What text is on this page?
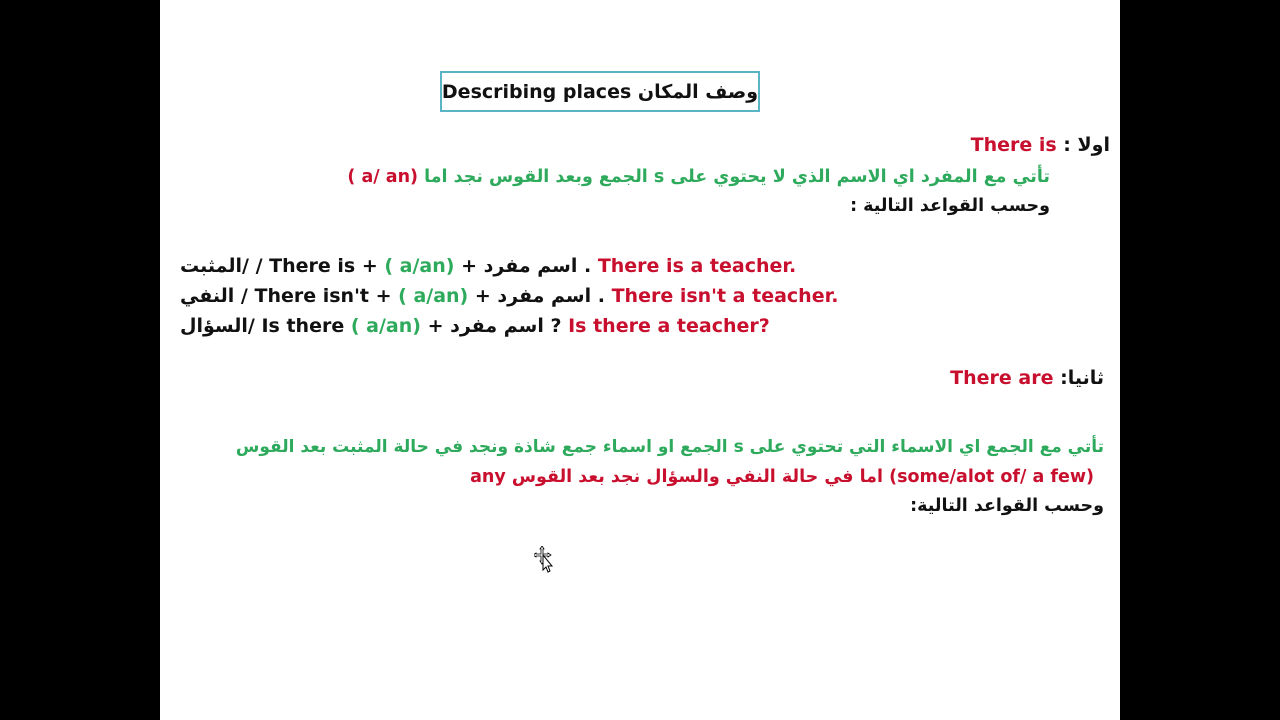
Describing places
وصف المكان
اولا : There is
تأتي مع المفرد اي الاسم الذي لا يحتوي على s الجمع وبعد القوس نجد اما ( a/ an)
وحسب القواعد التالية :
المثبت/ / There is + ( a/an) + اسم مفرد . There is a teacher.
النفي / There isn't + ( a/an) + اسم مفرد . There isn't a teacher.
السؤال/ Is there ( a/an) + اسم مفرد ? Is there a teacher?
ثانيا: There are
تأتي مع الجمع اي الاسماء التي تحتوي على s الجمع او اسماء جمع شاذة ونجد في حالة المثبت بعد القوس
(some/alot of/ a few) اما في حالة النفي والسؤال نجد بعد القوس any
وحسب القواعد التالية:
